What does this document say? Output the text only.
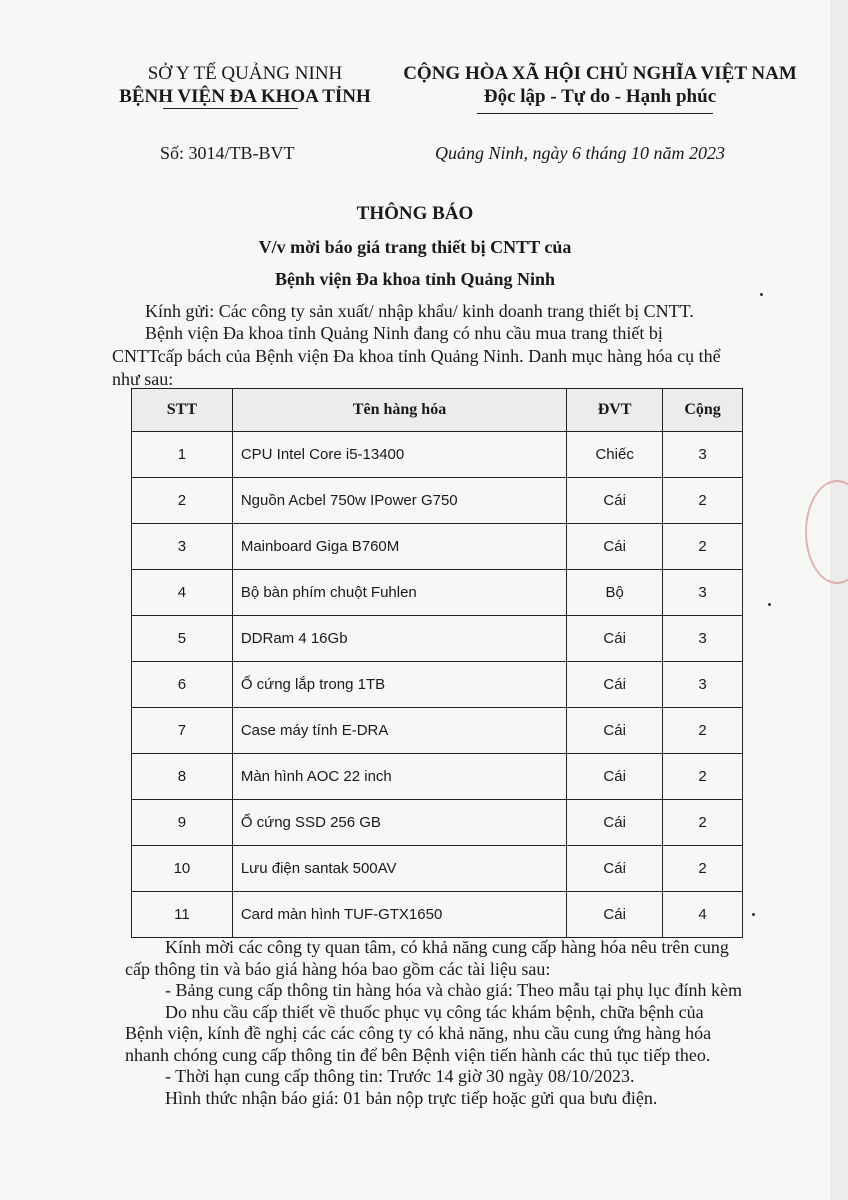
SỞ Y TẾ QUẢNG NINH
BỆNH VIỆN ĐA KHOA TỈNH
CỘNG HÒA XÃ HỘI CHỦ NGHĨA VIỆT NAM
Độc lập - Tự do - Hạnh phúc
Số: 3014/TB-BVT	Quảng Ninh, ngày 6 tháng 10 năm 2023
THÔNG BÁO
V/v mời báo giá trang thiết bị CNTT của
Bệnh viện Đa khoa tỉnh Quảng Ninh
Kính gửi: Các công ty sản xuất/ nhập khẩu/ kinh doanh trang thiết bị CNTT.
Bệnh viện Đa khoa tỉnh Quảng Ninh đang có nhu cầu mua trang thiết bị CNTTcấp bách của Bệnh viện Đa khoa tỉnh Quảng Ninh. Danh mục hàng hóa cụ thể như sau:
STT	Tên hàng hóa	ĐVT	Cộng
1	CPU Intel Core i5-13400	Chiếc	3
2	Nguồn Acbel 750w IPower G750	Cái	2
3	Mainboard Giga B760M	Cái	2
4	Bộ bàn phím chuột Fuhlen	Bộ	3
5	DDRam 4 16Gb	Cái	3
6	Ổ cứng lắp trong 1TB	Cái	3
7	Case máy tính E-DRA	Cái	2
8	Màn hình AOC 22 inch	Cái	2
9	Ổ cứng SSD 256 GB	Cái	2
10	Lưu điện santak 500AV	Cái	2
11	Card màn hình TUF-GTX1650	Cái	4

Kính mời các công ty quan tâm, có khả năng cung cấp hàng hóa nêu trên cung cấp thông tin và báo giá hàng hóa bao gồm các tài liệu sau:

- Bảng cung cấp thông tin hàng hóa và chào giá: Theo mẫu tại phụ lục đính kèm

Do nhu cầu cấp thiết về thuốc phục vụ công tác khám bệnh, chữa bệnh của Bệnh viện, kính đề nghị các các công ty có khả năng, nhu cầu cung ứng hàng hóa nhanh chóng cung cấp thông tin để bên Bệnh viện tiến hành các thủ tục tiếp theo.

- Thời hạn cung cấp thông tin: Trước 14 giờ 30 ngày 08/10/2023.

Hình thức nhận báo giá: 01 bản nộp trực tiếp hoặc gửi qua bưu điện.
